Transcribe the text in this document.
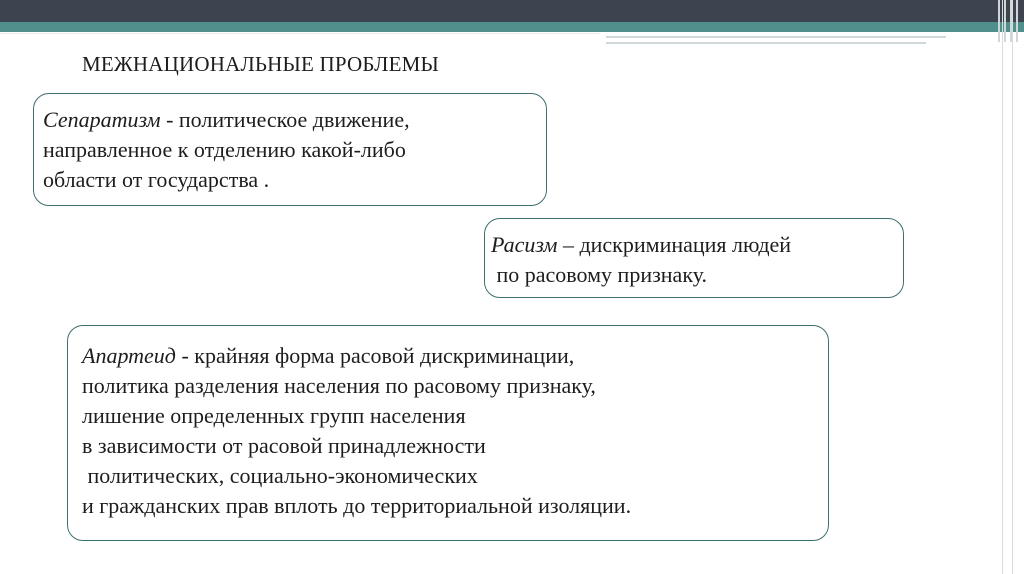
МЕЖНАЦИОНАЛЬНЫЕ ПРОБЛЕМЫ
Сепаратизм - политическое движение,
направленное к отделению какой-либо
области от государства .
Расизм – дискриминация людей
по расовому признаку.
Апартеид - крайняя форма расовой дискриминации,
политика разделения населения по расовому признаку,
лишение определенных групп населения
в зависимости от расовой принадлежности
политических, социально-экономических
и гражданских прав вплоть до территориальной изоляции.
